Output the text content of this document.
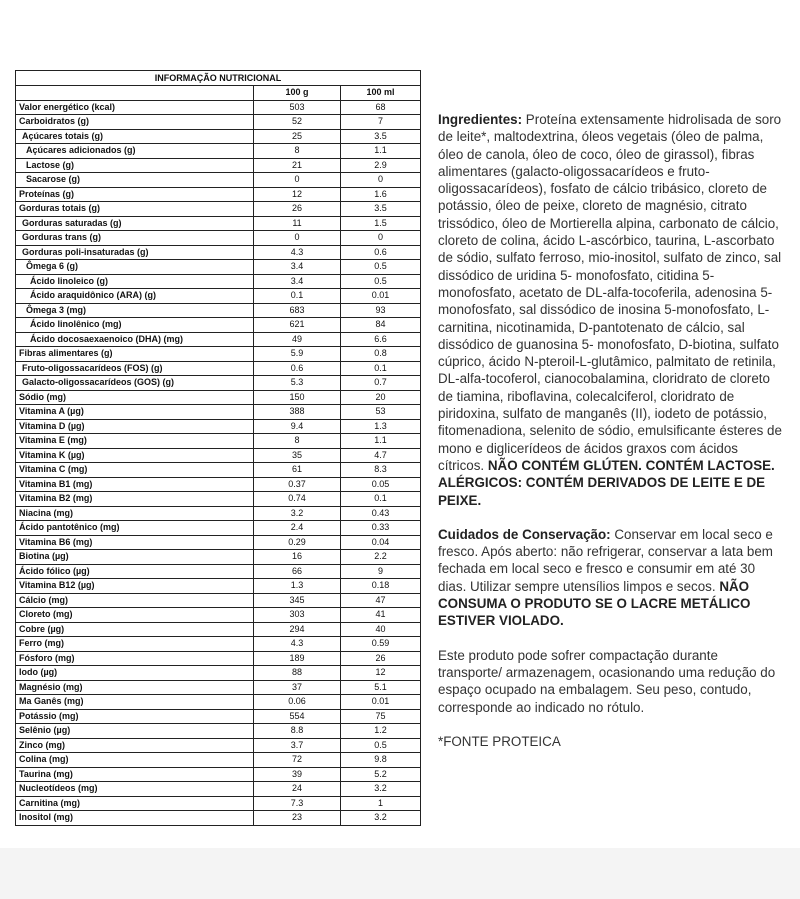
INFORMAÇÃO NUTRICIONAL		
	100 g	100 ml
Valor energético (kcal)	503	68
Carboidratos (g)	52	7
Açúcares totais (g)	25	3.5
Açúcares adicionados (g)	8	1.1
Lactose (g)	21	2.9
Sacarose (g)	0	0
Proteínas (g)	12	1.6
Gorduras totais (g)	26	3.5
Gorduras saturadas (g)	11	1.5
Gorduras trans (g)	0	0
Gorduras poli-insaturadas (g)	4.3	0.6
Ômega 6 (g)	3.4	0.5
Ácido linoleico (g)	3.4	0.5
Ácido araquidônico (ARA) (g)	0.1	0.01
Ômega 3 (mg)	683	93
Ácido linolênico (mg)	621	84
Ácido docosaexaenoico (DHA) (mg)	49	6.6
Fibras alimentares (g)	5.9	0.8
Fruto-oligossacarídeos (FOS) (g)	0.6	0.1
Galacto-oligossacarídeos (GOS) (g)	5.3	0.7
Sódio (mg)	150	20
Vitamina A (µg)	388	53
Vitamina D (µg)	9.4	1.3
Vitamina E (mg)	8	1.1
Vitamina K (µg)	35	4.7
Vitamina C (mg)	61	8.3
Vitamina B1 (mg)	0.37	0.05
Vitamina B2 (mg)	0.74	0.1
Niacina (mg)	3.2	0.43
Ácido pantotênico (mg)	2.4	0.33
Vitamina B6 (mg)	0.29	0.04
Biotina (µg)	16	2.2
Ácido fólico (µg)	66	9
Vitamina B12 (µg)	1.3	0.18
Cálcio (mg)	345	47
Cloreto (mg)	303	41
Cobre (µg)	294	40
Ferro (mg)	4.3	0.59
Fósforo (mg)	189	26
Iodo (µg)	88	12
Magnésio (mg)	37	5.1
Ma Ganês (mg)	0.06	0.01
Potássio (mg)	554	75
Selênio (µg)	8.8	1.2
Zinco (mg)	3.7	0.5
Colina (mg)	72	9.8
Taurina (mg)	39	5.2
Nucleotídeos (mg)	24	3.2
Carnitina (mg)	7.3	1
Inositol (mg)	23	3.2

Ingredientes: Proteína extensamente hidrolisada de soro de leite*, maltodextrina, óleos vegetais (óleo de palma, óleo de canola, óleo de coco, óleo de girassol), fibras alimentares (galacto-oligossacarídeos e fruto-oligossacarídeos), fosfato de cálcio tribásico, cloreto de potássio, óleo de peixe, cloreto de magnésio, citrato trissódico, óleo de Mortierella alpina, carbonato de cálcio, cloreto de colina, ácido L-ascórbico, taurina, L-ascorbato de sódio, sulfato ferroso, mio-inositol, sulfato de zinco, sal dissódico de uridina 5- monofosfato, citidina 5-monofosfato, acetato de DL-alfa-tocoferila, adenosina 5-monofosfato, sal dissódico de inosina 5-monofosfato, L-carnitina, nicotinamida, D-pantotenato de cálcio, sal dissódico de guanosina 5- monofosfato, D-biotina, sulfato cúprico, ácido N-pteroil-L-glutâmico, palmitato de retinila, DL-alfa-tocoferol, cianocobalamina, cloridrato de cloreto de tiamina, riboflavina, colecalciferol, cloridrato de piridoxina, sulfato de manganês (II), iodeto de potássio, fitomenadiona, selenito de sódio, emulsificante ésteres de mono e diglicerídeos de ácidos graxos com ácidos cítricos. NÃO CONTÉM GLÚTEN. CONTÉM LACTOSE. ALÉRGICOS: CONTÉM DERIVADOS DE LEITE E DE PEIXE.

Cuidados de Conservação: Conservar em local seco e fresco. Após aberto: não refrigerar, conservar a lata bem fechada em local seco e fresco e consumir em até 30 dias. Utilizar sempre utensílios limpos e secos. NÃO CONSUMA O PRODUTO SE O LACRE METÁLICO ESTIVER VIOLADO.

Este produto pode sofrer compactação durante transporte/ armazenagem, ocasionando uma redução do espaço ocupado na embalagem. Seu peso, contudo, corresponde ao indicado no rótulo.

*FONTE PROTEICA
